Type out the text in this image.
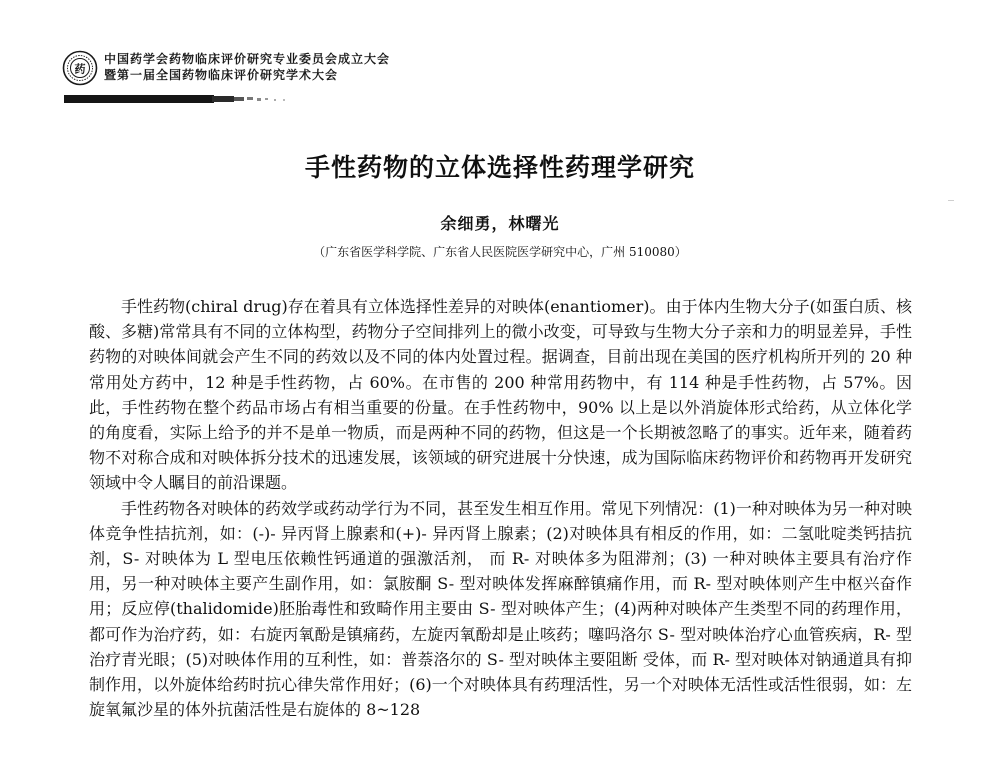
药
中国药学会药物临床评价研究专业委员会成立大会
暨第一届全国药物临床评价研究学术大会
手性药物的立体选择性药理学研究
余细勇，林曙光
（广东省医学科学院、广东省人民医院医学研究中心，广州 510080）

手性药物(chiral drug)存在着具有立体选择性差异的对映体(enantiomer)。由于体内生物大分子(如蛋白质、核酸、多糖)常常具有不同的立体构型，药物分子空间排列上的微小改变，可导致与生物大分子亲和力的明显差异，手性药物的对映体间就会产生不同的药效以及不同的体内处置过程。据调查，目前出现在美国的医疗机构所开列的 20 种常用处方药中，12 种是手性药物，占 60%。在市售的 200 种常用药物中，有 114 种是手性药物，占 57%。因此，手性药物在整个药品市场占有相当重要的份量。在手性药物中，90% 以上是以外消旋体形式给药，从立体化学的角度看，实际上给予的并不是单一物质，而是两种不同的药物，但这是一个长期被忽略了的事实。近年来，随着药物不对称合成和对映体拆分技术的迅速发展，该领域的研究进展十分快速，成为国际临床药物评价和药物再开发研究领域中令人瞩目的前沿课题。

手性药物各对映体的药效学或药动学行为不同，甚至发生相互作用。常见下列情况：(1)一种对映体为另一种对映体竞争性拮抗剂，如：(-)- 异丙肾上腺素和(+)- 异丙肾上腺素；(2)对映体具有相反的作用，如：二氢吡啶类钙拮抗剂，S- 对映体为 L 型电压依赖性钙通道的强激活剂， 而 R- 对映体多为阻滞剂；(3) 一种对映体主要具有治疗作用，另一种对映体主要产生副作用，如：氯胺酮 S- 型对映体发挥麻醉镇痛作用，而 R- 型对映体则产生中枢兴奋作用；反应停(thalidomide)胚胎毒性和致畸作用主要由 S- 型对映体产生；(4)两种对映体产生类型不同的药理作用，都可作为治疗药，如：右旋丙氧酚是镇痛药，左旋丙氧酚却是止咳药；噻吗洛尔 S- 型对映体治疗心血管疾病，R- 型治疗青光眼；(5)对映体作用的互利性，如：普萘洛尔的 S- 型对映体主要阻断 受体，而 R- 型对映体对钠通道具有抑制作用，以外旋体给药时抗心律失常作用好；(6)一个对映体具有药理活性，另一个对映体无活性或活性很弱，如：左旋氧氟沙星的体外抗菌活性是右旋体的 8~128
